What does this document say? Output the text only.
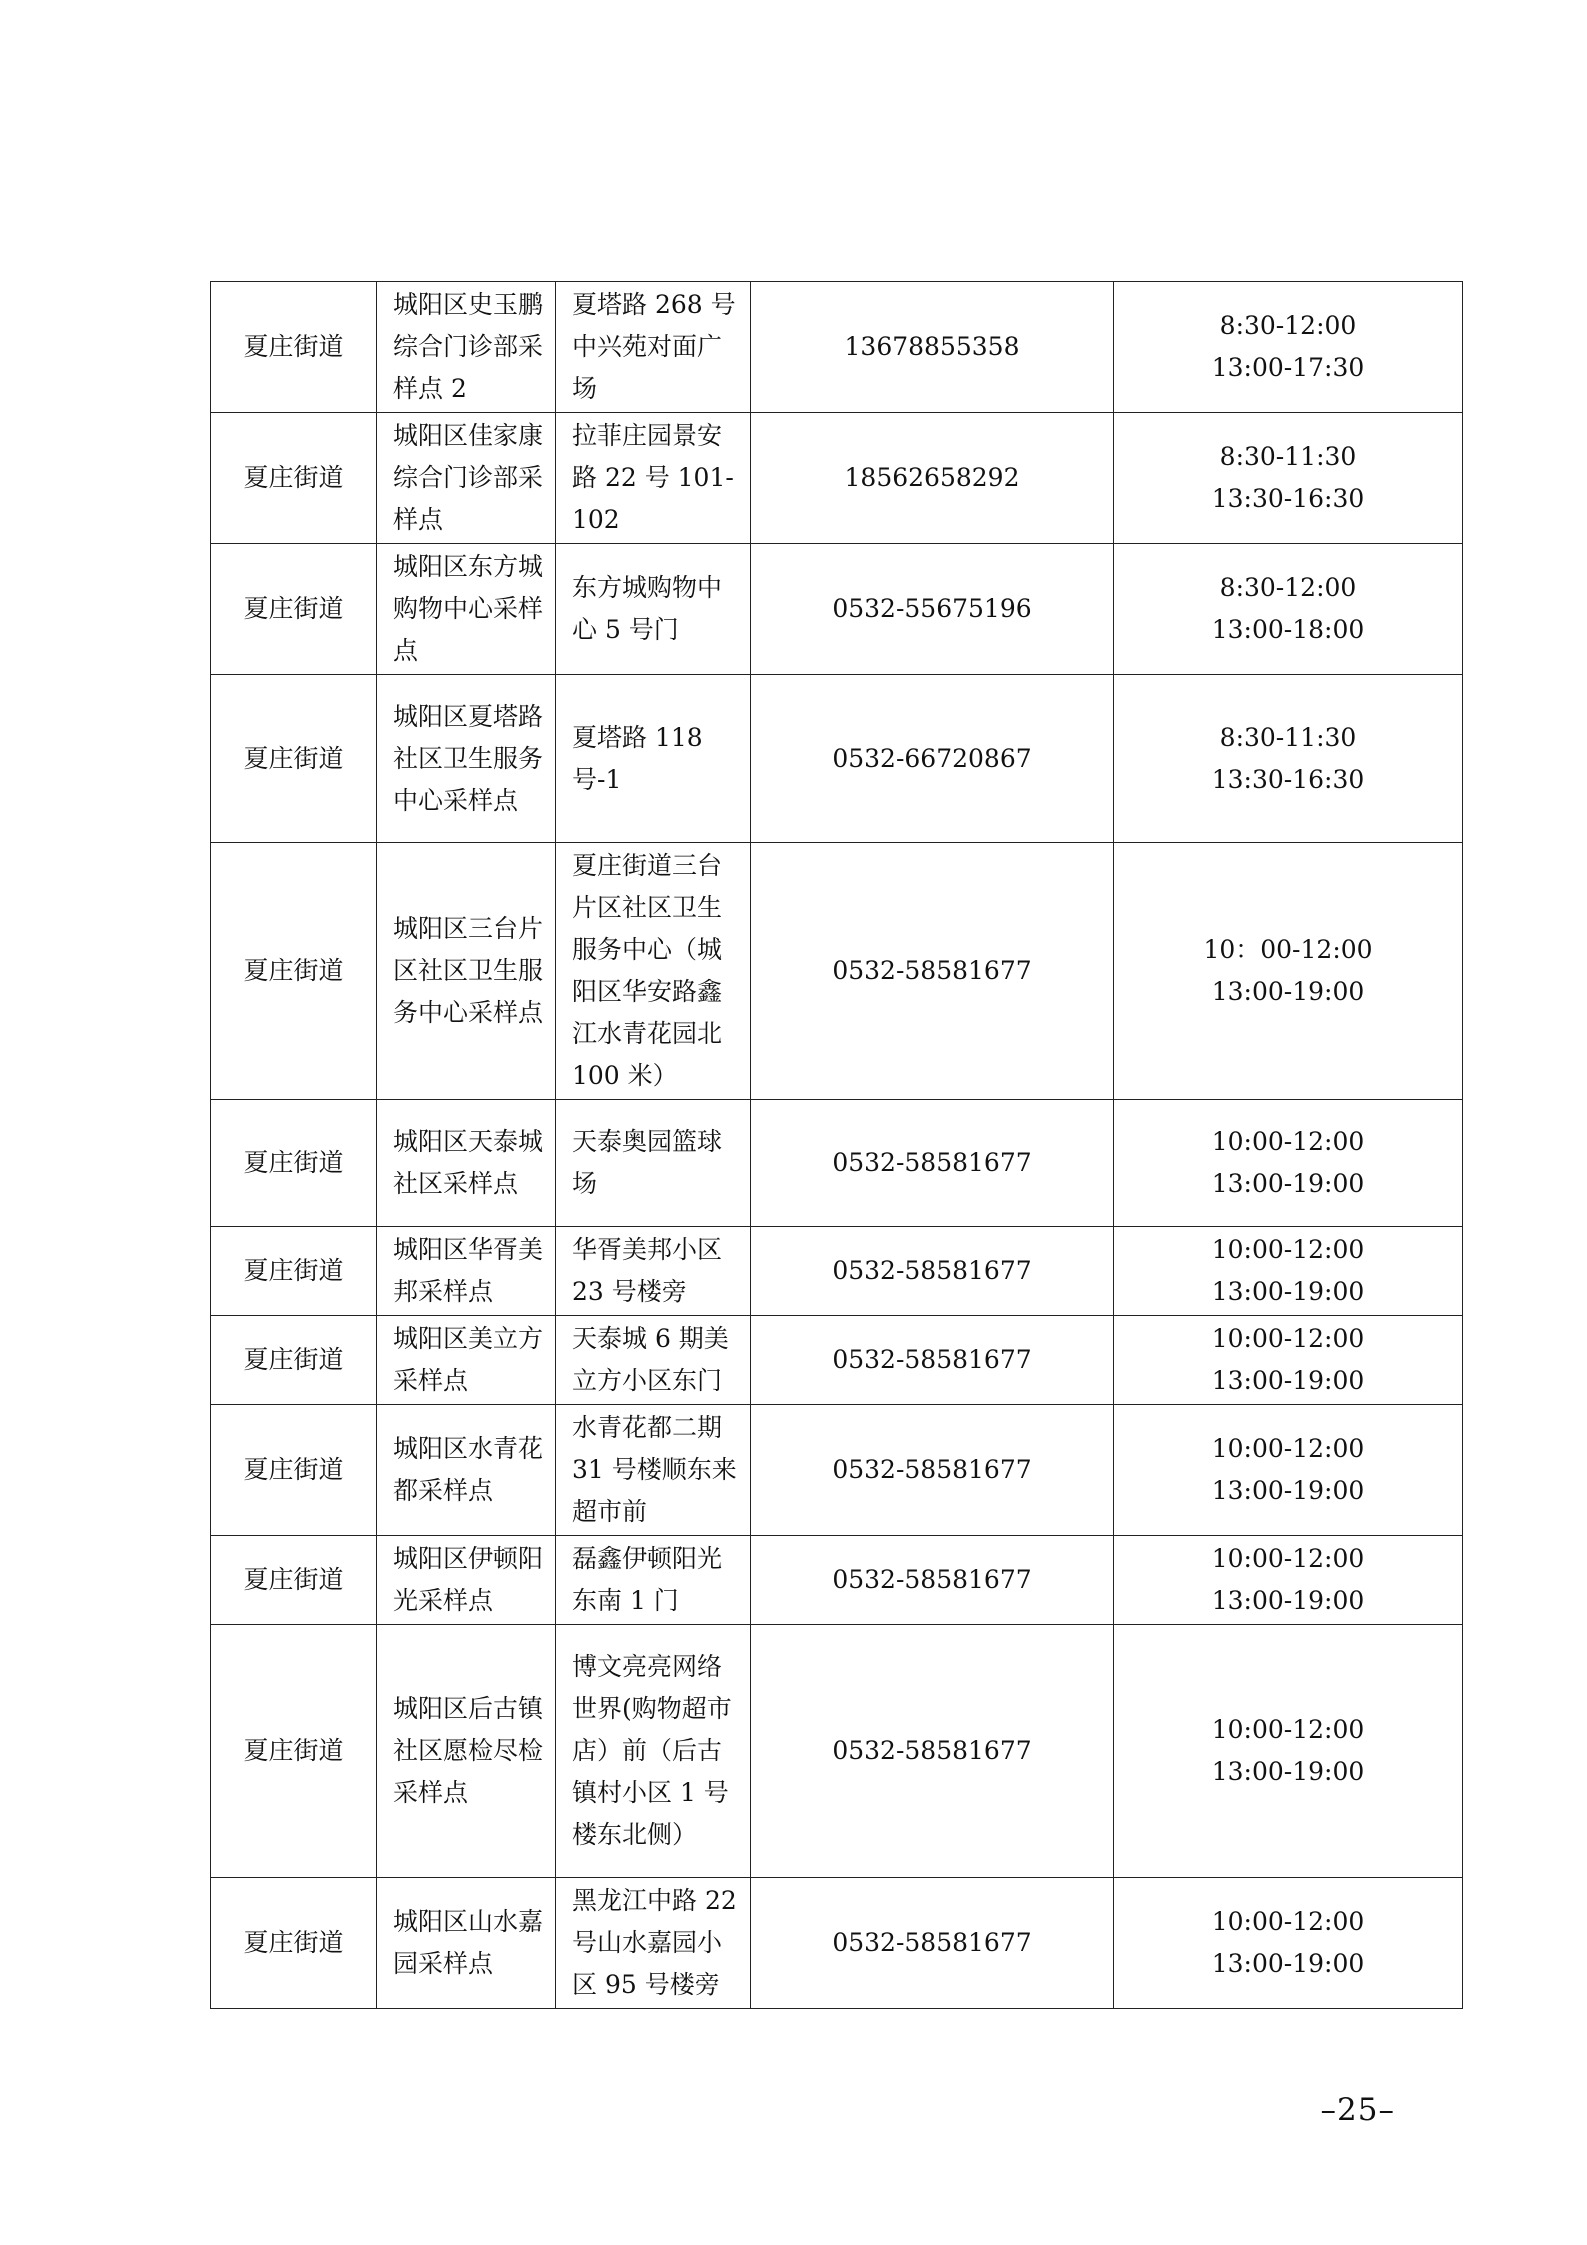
夏庄街道	城阳区史玉鹏综合门诊部采样点 2	夏塔路 268 号中兴苑对面广场	13678855358	8:30-12:00
13:00-17:30

夏庄街道	城阳区佳家康综合门诊部采样点	拉菲庄园景安路 22 号 101-102	18562658292	8:30-11:30
13:30-16:30

夏庄街道	城阳区东方城购物中心采样点	东方城购物中心 5 号门	0532-55675196	8:30-12:00
13:00-18:00

夏庄街道	城阳区夏塔路社区卫生服务中心采样点	夏塔路 118 号-1	0532-66720867	8:30-11:30
13:30-16:30

夏庄街道	城阳区三台片区社区卫生服务中心采样点	夏庄街道三台片区社区卫生服务中心（城阳区华安路鑫江水青花园北 100 米）	0532-58581677	10：00-12:00
13:00-19:00

夏庄街道	城阳区天泰城社区采样点	天泰奥园篮球场	0532-58581677	10:00-12:00
13:00-19:00

夏庄街道	城阳区华胥美邦采样点	华胥美邦小区 23 号楼旁	0532-58581677	10:00-12:00
13:00-19:00

夏庄街道	城阳区美立方采样点	天泰城 6 期美立方小区东门	0532-58581677	10:00-12:00
13:00-19:00

夏庄街道	城阳区水青花都采样点	水青花都二期 31 号楼顺东来超市前	0532-58581677	10:00-12:00
13:00-19:00

夏庄街道	城阳区伊顿阳光采样点	磊鑫伊顿阳光东南 1 门	0532-58581677	10:00-12:00
13:00-19:00

夏庄街道	城阳区后古镇社区愿检尽检采样点	博文亮亮网络世界(购物超市店）前（后古镇村小区 1 号楼东北侧）	0532-58581677	10:00-12:00
13:00-19:00

夏庄街道	城阳区山水嘉园采样点	黑龙江中路 22 号山水嘉园小区 95 号楼旁	0532-58581677	10:00-12:00
13:00-19:00
–25–
